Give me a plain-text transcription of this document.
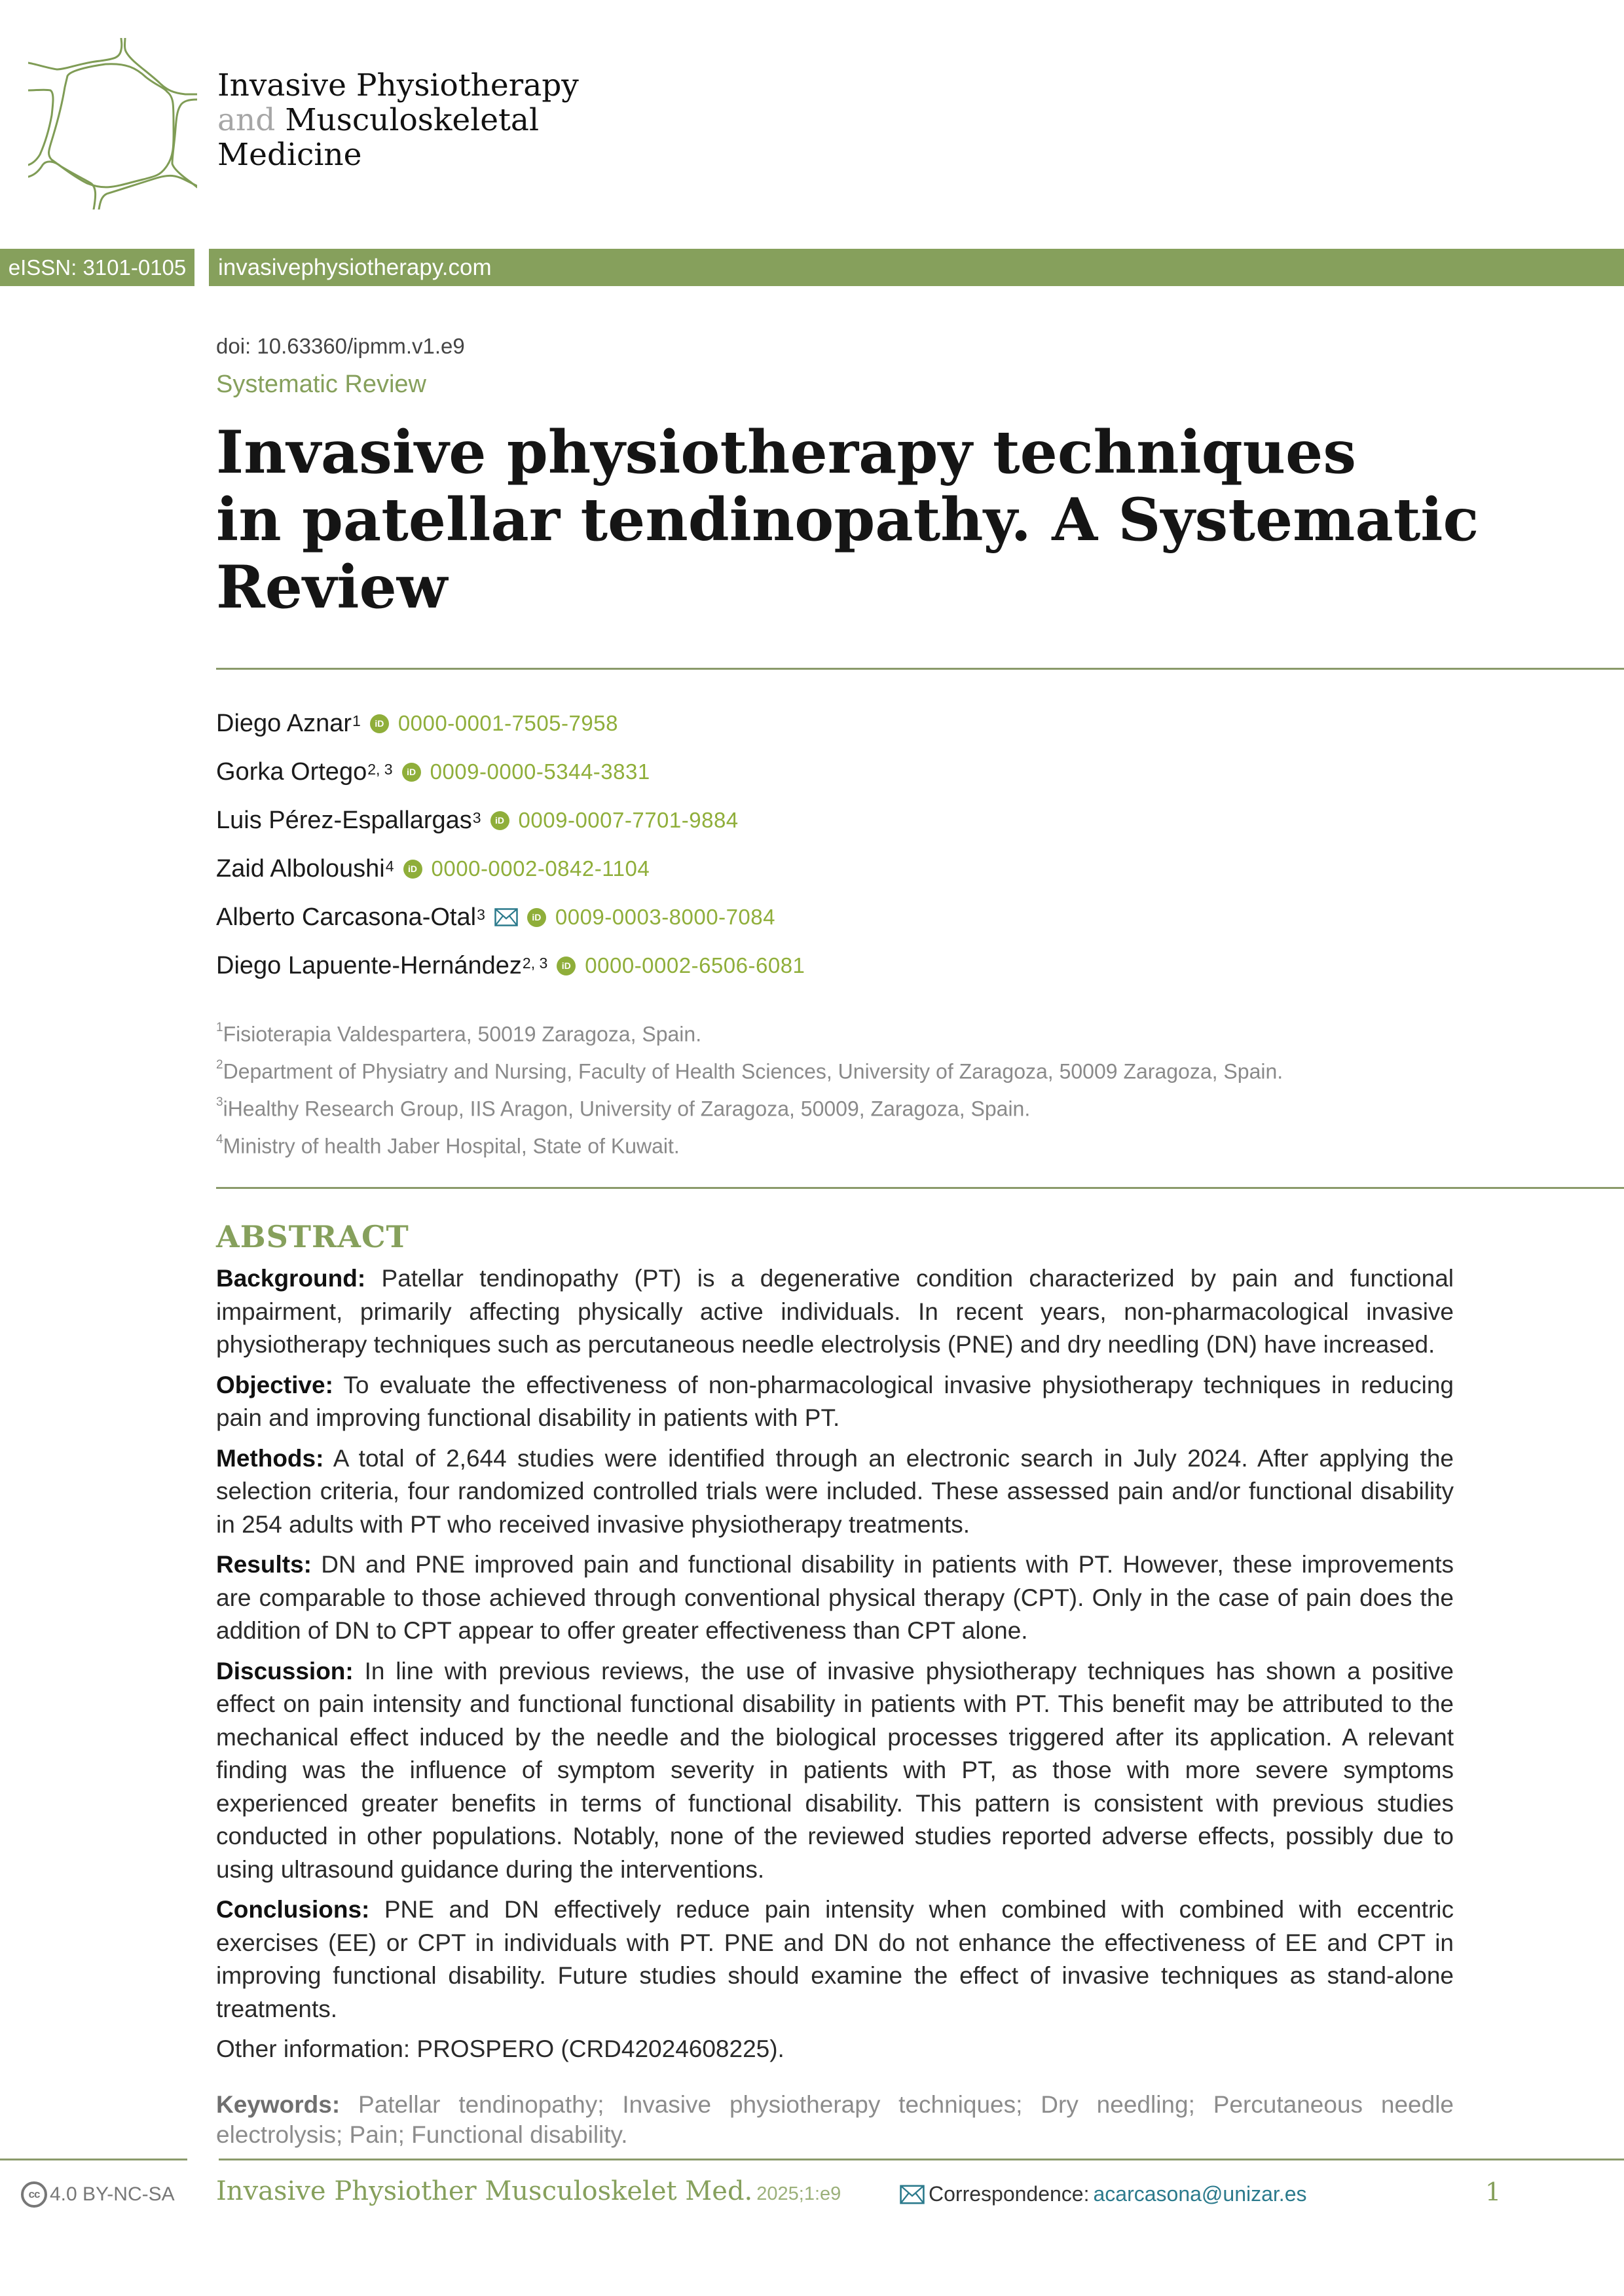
Invasive Physiotherapy
and Musculoskeletal
Medicine
eISSN: 3101-0105	invasivephysiotherapy.com
doi: 10.63360/ipmm.v1.e9
Systematic Review
Invasive physiotherapy techniques
in patellar tendinopathy. A Systematic
Review
Diego Aznar$^1$	iD 0000-0001-7505-7958
Gorka Ortego$^{2, 3}$	iD 0009-0000-5344-3831
Luis Pérez-Espallargas$^3$	iD 0009-0007-7701-9884
Zaid Alboloushi$^4$	iD 0000-0002-0842-1104
Alberto Carcasona-Otal$^3$	iD 0009-0003-8000-7084
Diego Lapuente-Hernández$^{2, 3}$	iD 0000-0002-6506-6081
$^1$Fisioterapia Valdespartera, 50019 Zaragoza, Spain.
$^2$Department of Physiatry and Nursing, Faculty of Health Sciences, University of Zaragoza, 50009 Zaragoza, Spain.
$^3$iHealthy Research Group, IIS Aragon, University of Zaragoza, 50009, Zaragoza, Spain.
$^4$Ministry of health Jaber Hospital, State of Kuwait.
ABSTRACT

Background: Patellar tendinopathy (PT) is a degenerative condition characterized by pain and functional impairment, primarily affecting physically active individuals. In recent years, non-pharmacological invasive physiotherapy techniques such as percutaneous needle electrolysis (PNE) and dry needling (DN) have increased.

Objective: To evaluate the effectiveness of non-pharmacological invasive physiotherapy techniques in reducing pain and improving functional disability in patients with PT.

Methods: A total of 2,644 studies were identified through an electronic search in July 2024. After applying the selection criteria, four randomized controlled trials were included. These assessed pain and/or functional disability in 254 adults with PT who received invasive physiotherapy treatments.

Results: DN and PNE improved pain and functional disability in patients with PT. However, these improvements are comparable to those achieved through conventional physical therapy (CPT). Only in the case of pain does the addition of DN to CPT appear to offer greater effectiveness than CPT alone.

Discussion: In line with previous reviews, the use of invasive physiotherapy techniques has shown a positive effect on pain intensity and functional functional disability in patients with PT. This benefit may be attributed to the mechanical effect induced by the needle and the biological processes triggered after its application. A relevant finding was the influence of symptom severity in patients with PT, as those with more severe symptoms experienced greater benefits in terms of functional disability. This pattern is consistent with previous studies conducted in other populations. Notably, none of the reviewed studies reported adverse effects, possibly due to using ultrasound guidance during the interventions.

Conclusions: PNE and DN effectively reduce pain intensity when combined with combined with eccentric exercises (EE) or CPT in individuals with PT. PNE and DN do not enhance the effectiveness of EE and CPT in improving functional disability. Future studies should examine the effect of invasive techniques as stand-alone treatments.

Other information: PROSPERO (CRD42024608225).

Keywords: Patellar tendinopathy; Invasive physiotherapy techniques; Dry needling; Percutaneous needle electrolysis; Pain; Functional disability.

cc 4.0 BY-NC-SA Invasive Physiother Musculoskelet Med. 2025;1:e9	Correspondence: acarcasona@unizar.es	1
